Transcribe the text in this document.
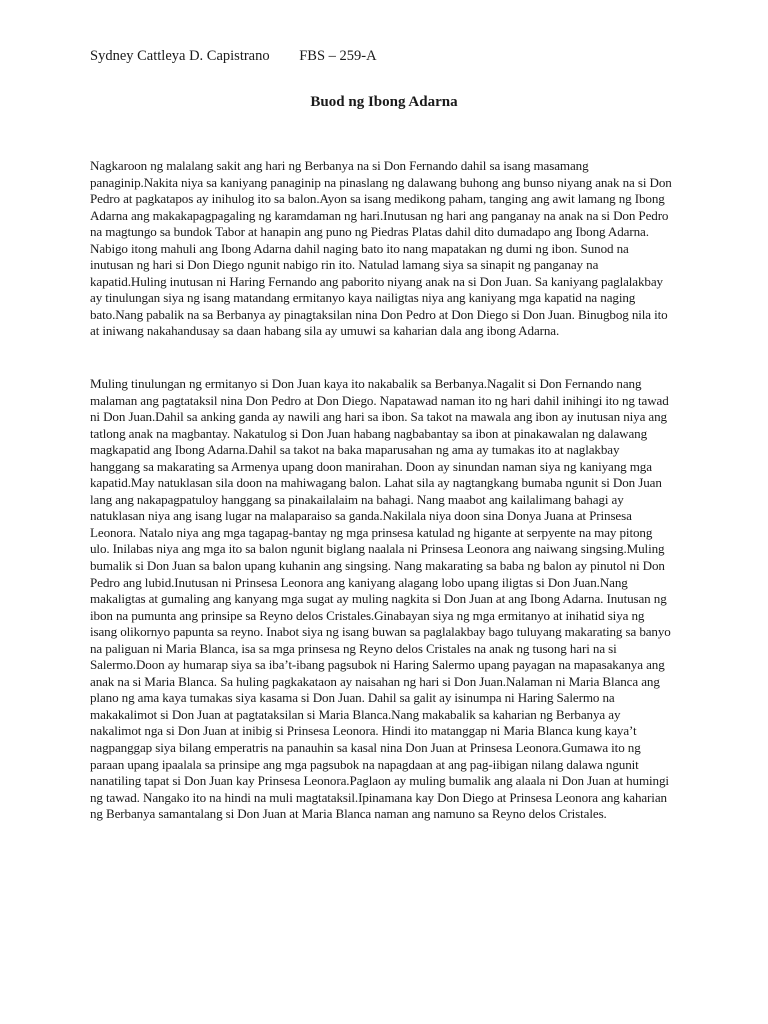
Sydney Cattleya D. Capistrano FBS – 259-A
Buod ng Ibong Adarna

Nagkaroon ng malalang sakit ang hari ng Berbanya na si Don Fernando dahil sa isang masamang panaginip.Nakita niya sa kaniyang panaginip na pinaslang ng dalawang buhong ang bunso niyang anak na si Don Pedro at pagkatapos ay inihulog ito sa balon.Ayon sa isang medikong paham, tanging ang awit lamang ng Ibong Adarna ang makakapagpagaling ng karamdaman ng hari.Inutusan ng hari ang panganay na anak na si Don Pedro na magtungo sa bundok Tabor at hanapin ang puno ng Piedras Platas dahil dito dumadapo ang Ibong Adarna. Nabigo itong mahuli ang Ibong Adarna dahil naging bato ito nang mapatakan ng dumi ng ibon. Sunod na inutusan ng hari si Don Diego ngunit nabigo rin ito. Natulad lamang siya sa sinapit ng panganay na kapatid.Huling inutusan ni Haring Fernando ang paborito niyang anak na si Don Juan. Sa kaniyang paglalakbay ay tinulungan siya ng isang matandang ermitanyo kaya nailigtas niya ang kaniyang mga kapatid na naging bato.Nang pabalik na sa Berbanya ay pinagtaksilan nina Don Pedro at Don Diego si Don Juan. Binugbog nila ito at iniwang nakahandusay sa daan habang sila ay umuwi sa kaharian dala ang ibong Adarna.

Muling tinulungan ng ermitanyo si Don Juan kaya ito nakabalik sa Berbanya.Nagalit si Don Fernando nang malaman ang pagtataksil nina Don Pedro at Don Diego. Napatawad naman ito ng hari dahil inihingi ito ng tawad ni Don Juan.Dahil sa anking ganda ay nawili ang hari sa ibon. Sa takot na mawala ang ibon ay inutusan niya ang tatlong anak na magbantay. Nakatulog si Don Juan habang nagbabantay sa ibon at pinakawalan ng dalawang magkapatid ang Ibong Adarna.Dahil sa takot na baka maparusahan ng ama ay tumakas ito at naglakbay hanggang sa makarating sa Armenya upang doon manirahan. Doon ay sinundan naman siya ng kaniyang mga kapatid.May natuklasan sila doon na mahiwagang balon. Lahat sila ay nagtangkang bumaba ngunit si Don Juan lang ang nakapagpatuloy hanggang sa pinakailalaim na bahagi. Nang maabot ang kailalimang bahagi ay natuklasan niya ang isang lugar na malaparaiso sa ganda.Nakilala niya doon sina Donya Juana at Prinsesa Leonora. Natalo niya ang mga tagapag-bantay ng mga prinsesa katulad ng higante at serpyente na may pitong ulo. Inilabas niya ang mga ito sa balon ngunit biglang naalala ni Prinsesa Leonora ang naiwang singsing.Muling bumalik si Don Juan sa balon upang kuhanin ang singsing. Nang makarating sa baba ng balon ay pinutol ni Don Pedro ang lubid.Inutusan ni Prinsesa Leonora ang kaniyang alagang lobo upang iligtas si Don Juan.Nang makaligtas at gumaling ang kanyang mga sugat ay muling nagkita si Don Juan at ang Ibong Adarna. Inutusan ng ibon na pumunta ang prinsipe sa Reyno delos Cristales.Ginabayan siya ng mga ermitanyo at inihatid siya ng isang olikornyo papunta sa reyno. Inabot siya ng isang buwan sa paglalakbay bago tuluyang makarating sa banyo na paliguan ni Maria Blanca, isa sa mga prinsesa ng Reyno delos Cristales na anak ng tusong hari na si Salermo.Doon ay humarap siya sa iba’t-ibang pagsubok ni Haring Salermo upang payagan na mapasakanya ang anak na si Maria Blanca. Sa huling pagkakataon ay naisahan ng hari si Don Juan.Nalaman ni Maria Blanca ang plano ng ama kaya tumakas siya kasama si Don Juan. Dahil sa galit ay isinumpa ni Haring Salermo na makakalimot si Don Juan at pagtataksilan si Maria Blanca.Nang makabalik sa kaharian ng Berbanya ay nakalimot nga si Don Juan at inibig si Prinsesa Leonora. Hindi ito matanggap ni Maria Blanca kung kaya’t nagpanggap siya bilang emperatris na panauhin sa kasal nina Don Juan at Prinsesa Leonora.Gumawa ito ng paraan upang ipaalala sa prinsipe ang mga pagsubok na napagdaan at ang pag-iibigan nilang dalawa ngunit nanatiling tapat si Don Juan kay Prinsesa Leonora.Paglaon ay muling bumalik ang alaala ni Don Juan at humingi ng tawad. Nangako ito na hindi na muli magtataksil.Ipinamana kay Don Diego at Prinsesa Leonora ang kaharian ng Berbanya samantalang si Don Juan at Maria Blanca naman ang namuno sa Reyno delos Cristales.
